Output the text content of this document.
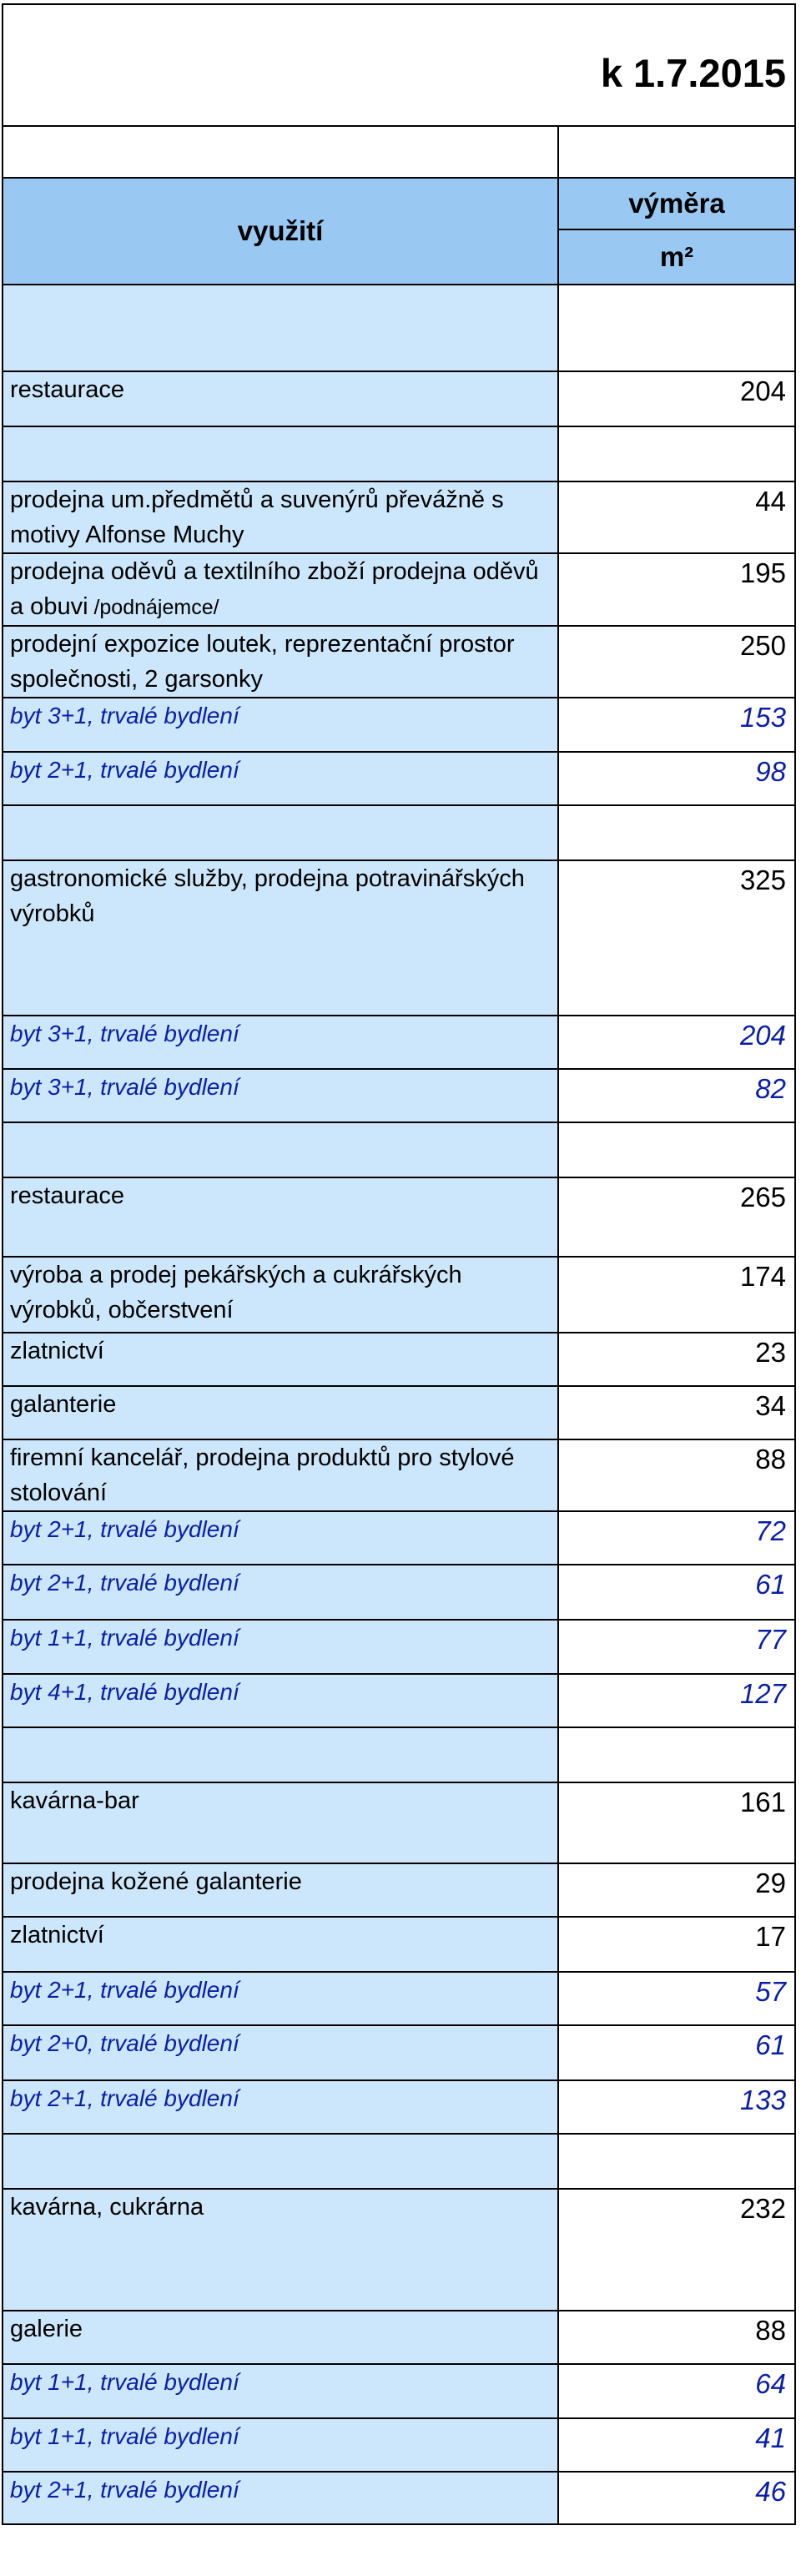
	k 1.7.2015

využití	výměra
	m²

restaurace	204

prodejna um.předmětů a suvenýrů převážně s motivy Alfonse Muchy	44
prodejna oděvů a textilního zboží prodejna oděvů a obuvi /podnájemce/	195
prodejní expozice loutek, reprezentační prostor společnosti, 2 garsonky	250
byt 3+1, trvalé bydlení	153
byt 2+1, trvalé bydlení	98

gastronomické služby, prodejna potravinářských výrobků	325
byt 3+1, trvalé bydlení	204
byt 3+1, trvalé bydlení	82

restaurace	265
výroba a prodej pekářských a cukrářských výrobků, občerstvení	174
zlatnictví	23
galanterie	34
firemní kancelář, prodejna produktů pro stylové stolování	88
byt 2+1, trvalé bydlení	72
byt 2+1, trvalé bydlení	61
byt 1+1, trvalé bydlení	77
byt 4+1, trvalé bydlení	127

kavárna-bar	161
prodejna kožené galanterie	29
zlatnictví	17
byt 2+1, trvalé bydlení	57
byt 2+0, trvalé bydlení	61
byt 2+1, trvalé bydlení	133

kavárna, cukrárna	232
galerie	88
byt 1+1, trvalé bydlení	64
byt 1+1, trvalé bydlení	41
byt 2+1, trvalé bydlení	46
